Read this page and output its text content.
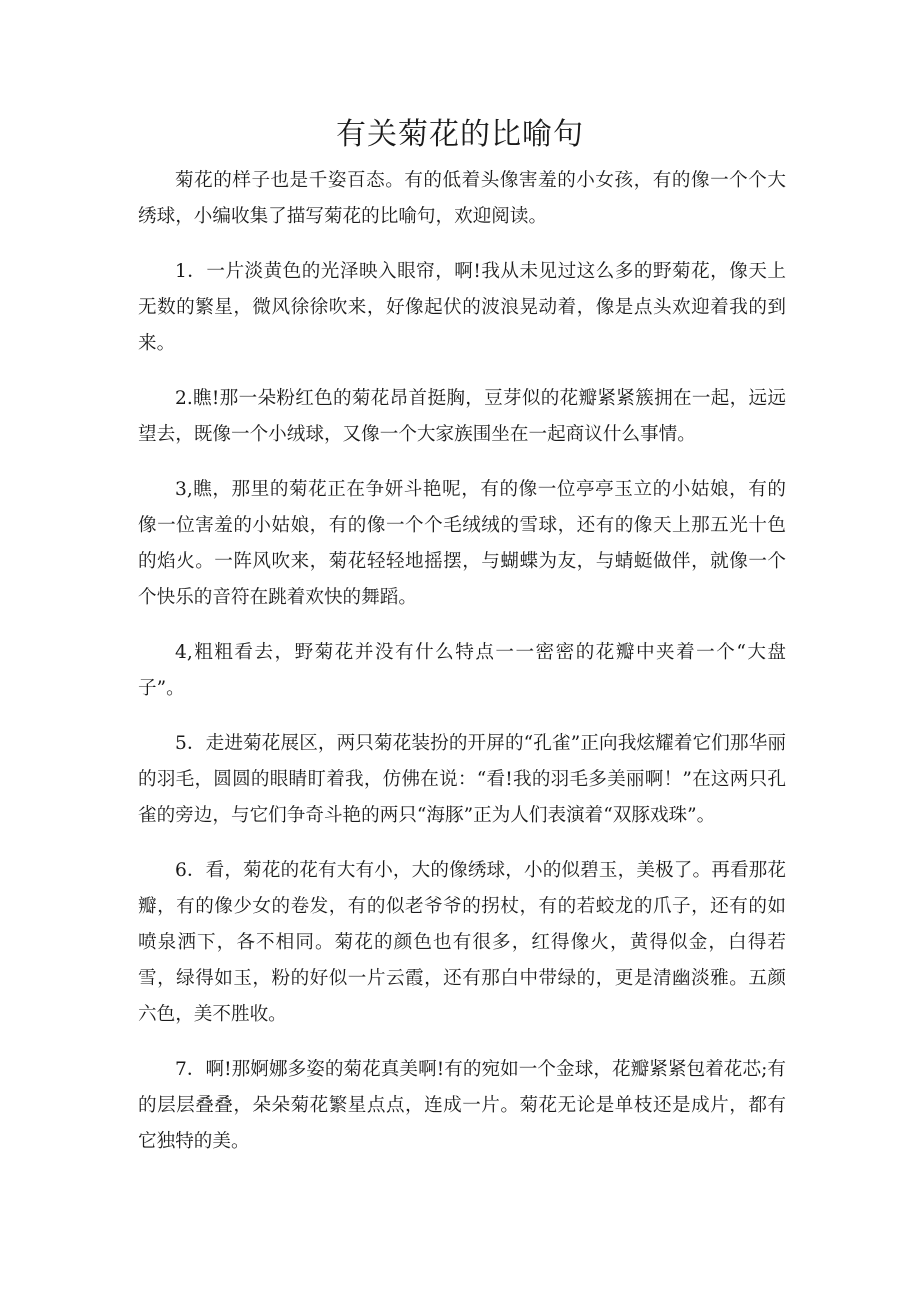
有关菊花的比喻句

菊花的样子也是千姿百态。有的低着头像害羞的小女孩，有的像一个个大绣球，小编收集了描写菊花的比喻句，欢迎阅读。

1．一片淡黄色的光泽映入眼帘，啊!我从未见过这么多的野菊花，像天上无数的繁星，微风徐徐吹来，好像起伏的波浪晃动着，像是点头欢迎着我的到来。

2.瞧!那一朵粉红色的菊花昂首挺胸，豆芽似的花瓣紧紧簇拥在一起，远远望去，既像一个小绒球，又像一个大家族围坐在一起商议什么事情。

3,瞧，那里的菊花正在争妍斗艳呢，有的像一位亭亭玉立的小姑娘，有的像一位害羞的小姑娘，有的像一个个毛绒绒的雪球，还有的像天上那五光十色的焰火。一阵风吹来，菊花轻轻地摇摆，与蝴蝶为友，与蜻蜓做伴，就像一个个快乐的音符在跳着欢快的舞蹈。

4,粗粗看去，野菊花并没有什么特点一一密密的花瓣中夹着一个“大盘子”。

5．走进菊花展区，两只菊花装扮的开屏的“孔雀”正向我炫耀着它们那华丽的羽毛，圆圆的眼睛盯着我，仿佛在说：“看!我的羽毛多美丽啊！”在这两只孔雀的旁边，与它们争奇斗艳的两只“海豚”正为人们表演着“双豚戏珠”。

6．看，菊花的花有大有小，大的像绣球，小的似碧玉，美极了。再看那花瓣，有的像少女的卷发，有的似老爷爷的拐杖，有的若蛟龙的爪子，还有的如喷泉洒下，各不相同。菊花的颜色也有很多，红得像火，黄得似金，白得若雪，绿得如玉，粉的好似一片云霞，还有那白中带绿的，更是清幽淡雅。五颜六色，美不胜收。

7．啊!那婀娜多姿的菊花真美啊!有的宛如一个金球，花瓣紧紧包着花芯;有的层层叠叠，朵朵菊花繁星点点，连成一片。菊花无论是单枝还是成片，都有它独特的美。
